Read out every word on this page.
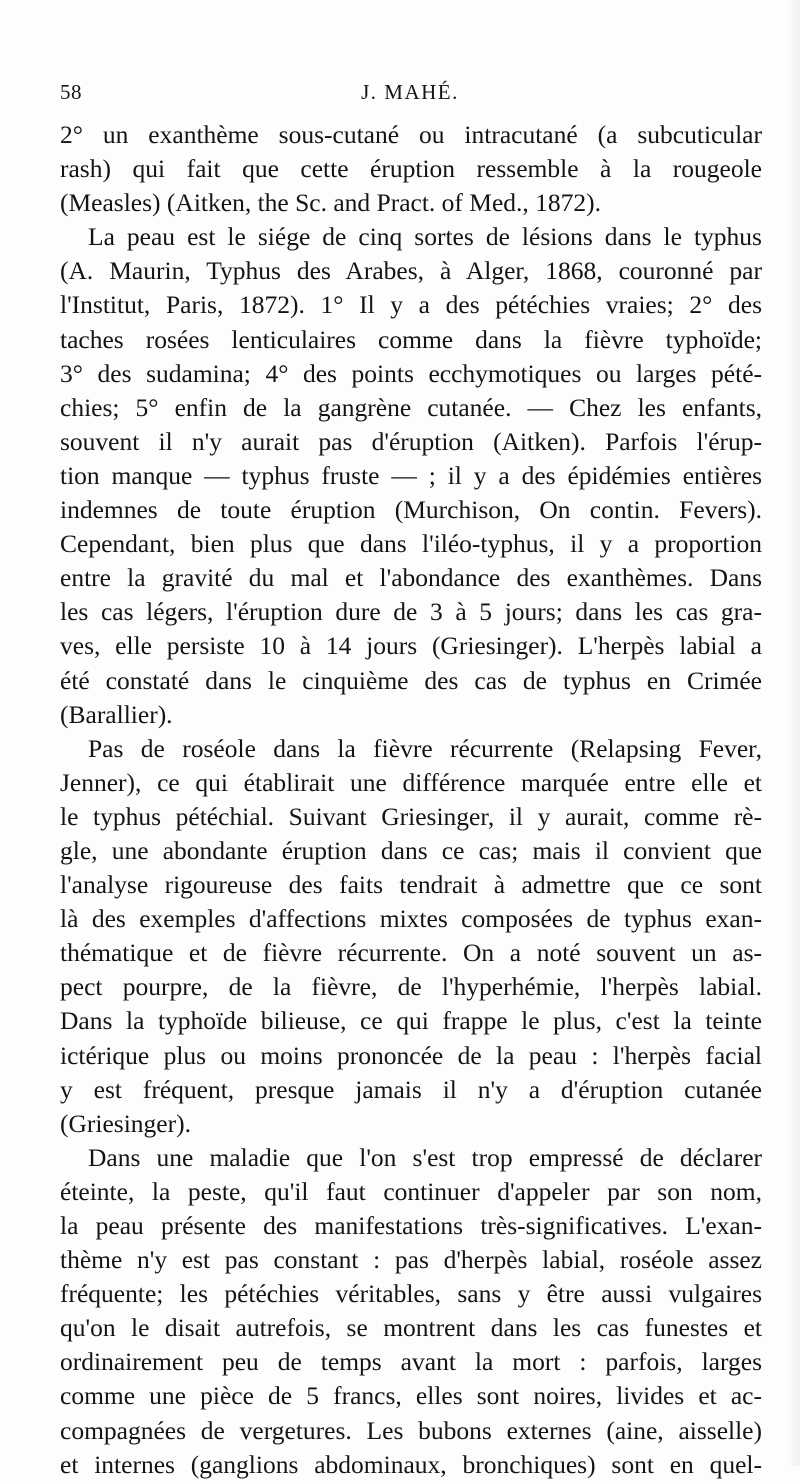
58	J. MAHÉ.
2° un exanthème sous-cutané ou intracutané (a subcuticular
rash) qui fait que cette éruption ressemble à la rougeole
(Measles) (Aitken, the Sc. and Pract. of Med., 1872).
La peau est le siége de cinq sortes de lésions dans le typhus
(A. Maurin, Typhus des Arabes, à Alger, 1868, couronné par
l'Institut, Paris, 1872). 1° Il y a des pétéchies vraies; 2° des
taches rosées lenticulaires comme dans la fièvre typhoïde;
3° des sudamina; 4° des points ecchymotiques ou larges pété-
chies; 5° enfin de la gangrène cutanée. — Chez les enfants,
souvent il n'y aurait pas d'éruption (Aitken). Parfois l'érup-
tion manque — typhus fruste — ; il y a des épidémies entières
indemnes de toute éruption (Murchison, On contin. Fevers).
Cependant, bien plus que dans l'iléo-typhus, il y a proportion
entre la gravité du mal et l'abondance des exanthèmes. Dans
les cas légers, l'éruption dure de 3 à 5 jours; dans les cas gra-
ves, elle persiste 10 à 14 jours (Griesinger). L'herpès labial a
été constaté dans le cinquième des cas de typhus en Crimée
(Barallier).
Pas de roséole dans la fièvre récurrente (Relapsing Fever,
Jenner), ce qui établirait une différence marquée entre elle et
le typhus pétéchial. Suivant Griesinger, il y aurait, comme rè-
gle, une abondante éruption dans ce cas; mais il convient que
l'analyse rigoureuse des faits tendrait à admettre que ce sont
là des exemples d'affections mixtes composées de typhus exan-
thématique et de fièvre récurrente. On a noté souvent un as-
pect pourpre, de la fièvre, de l'hyperhémie, l'herpès labial.
Dans la typhoïde bilieuse, ce qui frappe le plus, c'est la teinte
ictérique plus ou moins prononcée de la peau : l'herpès facial
y est fréquent, presque jamais il n'y a d'éruption cutanée
(Griesinger).
Dans une maladie que l'on s'est trop empressé de déclarer
éteinte, la peste, qu'il faut continuer d'appeler par son nom,
la peau présente des manifestations très-significatives. L'exan-
thème n'y est pas constant : pas d'herpès labial, roséole assez
fréquente; les pétéchies véritables, sans y être aussi vulgaires
qu'on le disait autrefois, se montrent dans les cas funestes et
ordinairement peu de temps avant la mort : parfois, larges
comme une pièce de 5 francs, elles sont noires, livides et ac-
compagnées de vergetures. Les bubons externes (aine, aisselle)
et internes (ganglions abdominaux, bronchiques) sont en quel-
